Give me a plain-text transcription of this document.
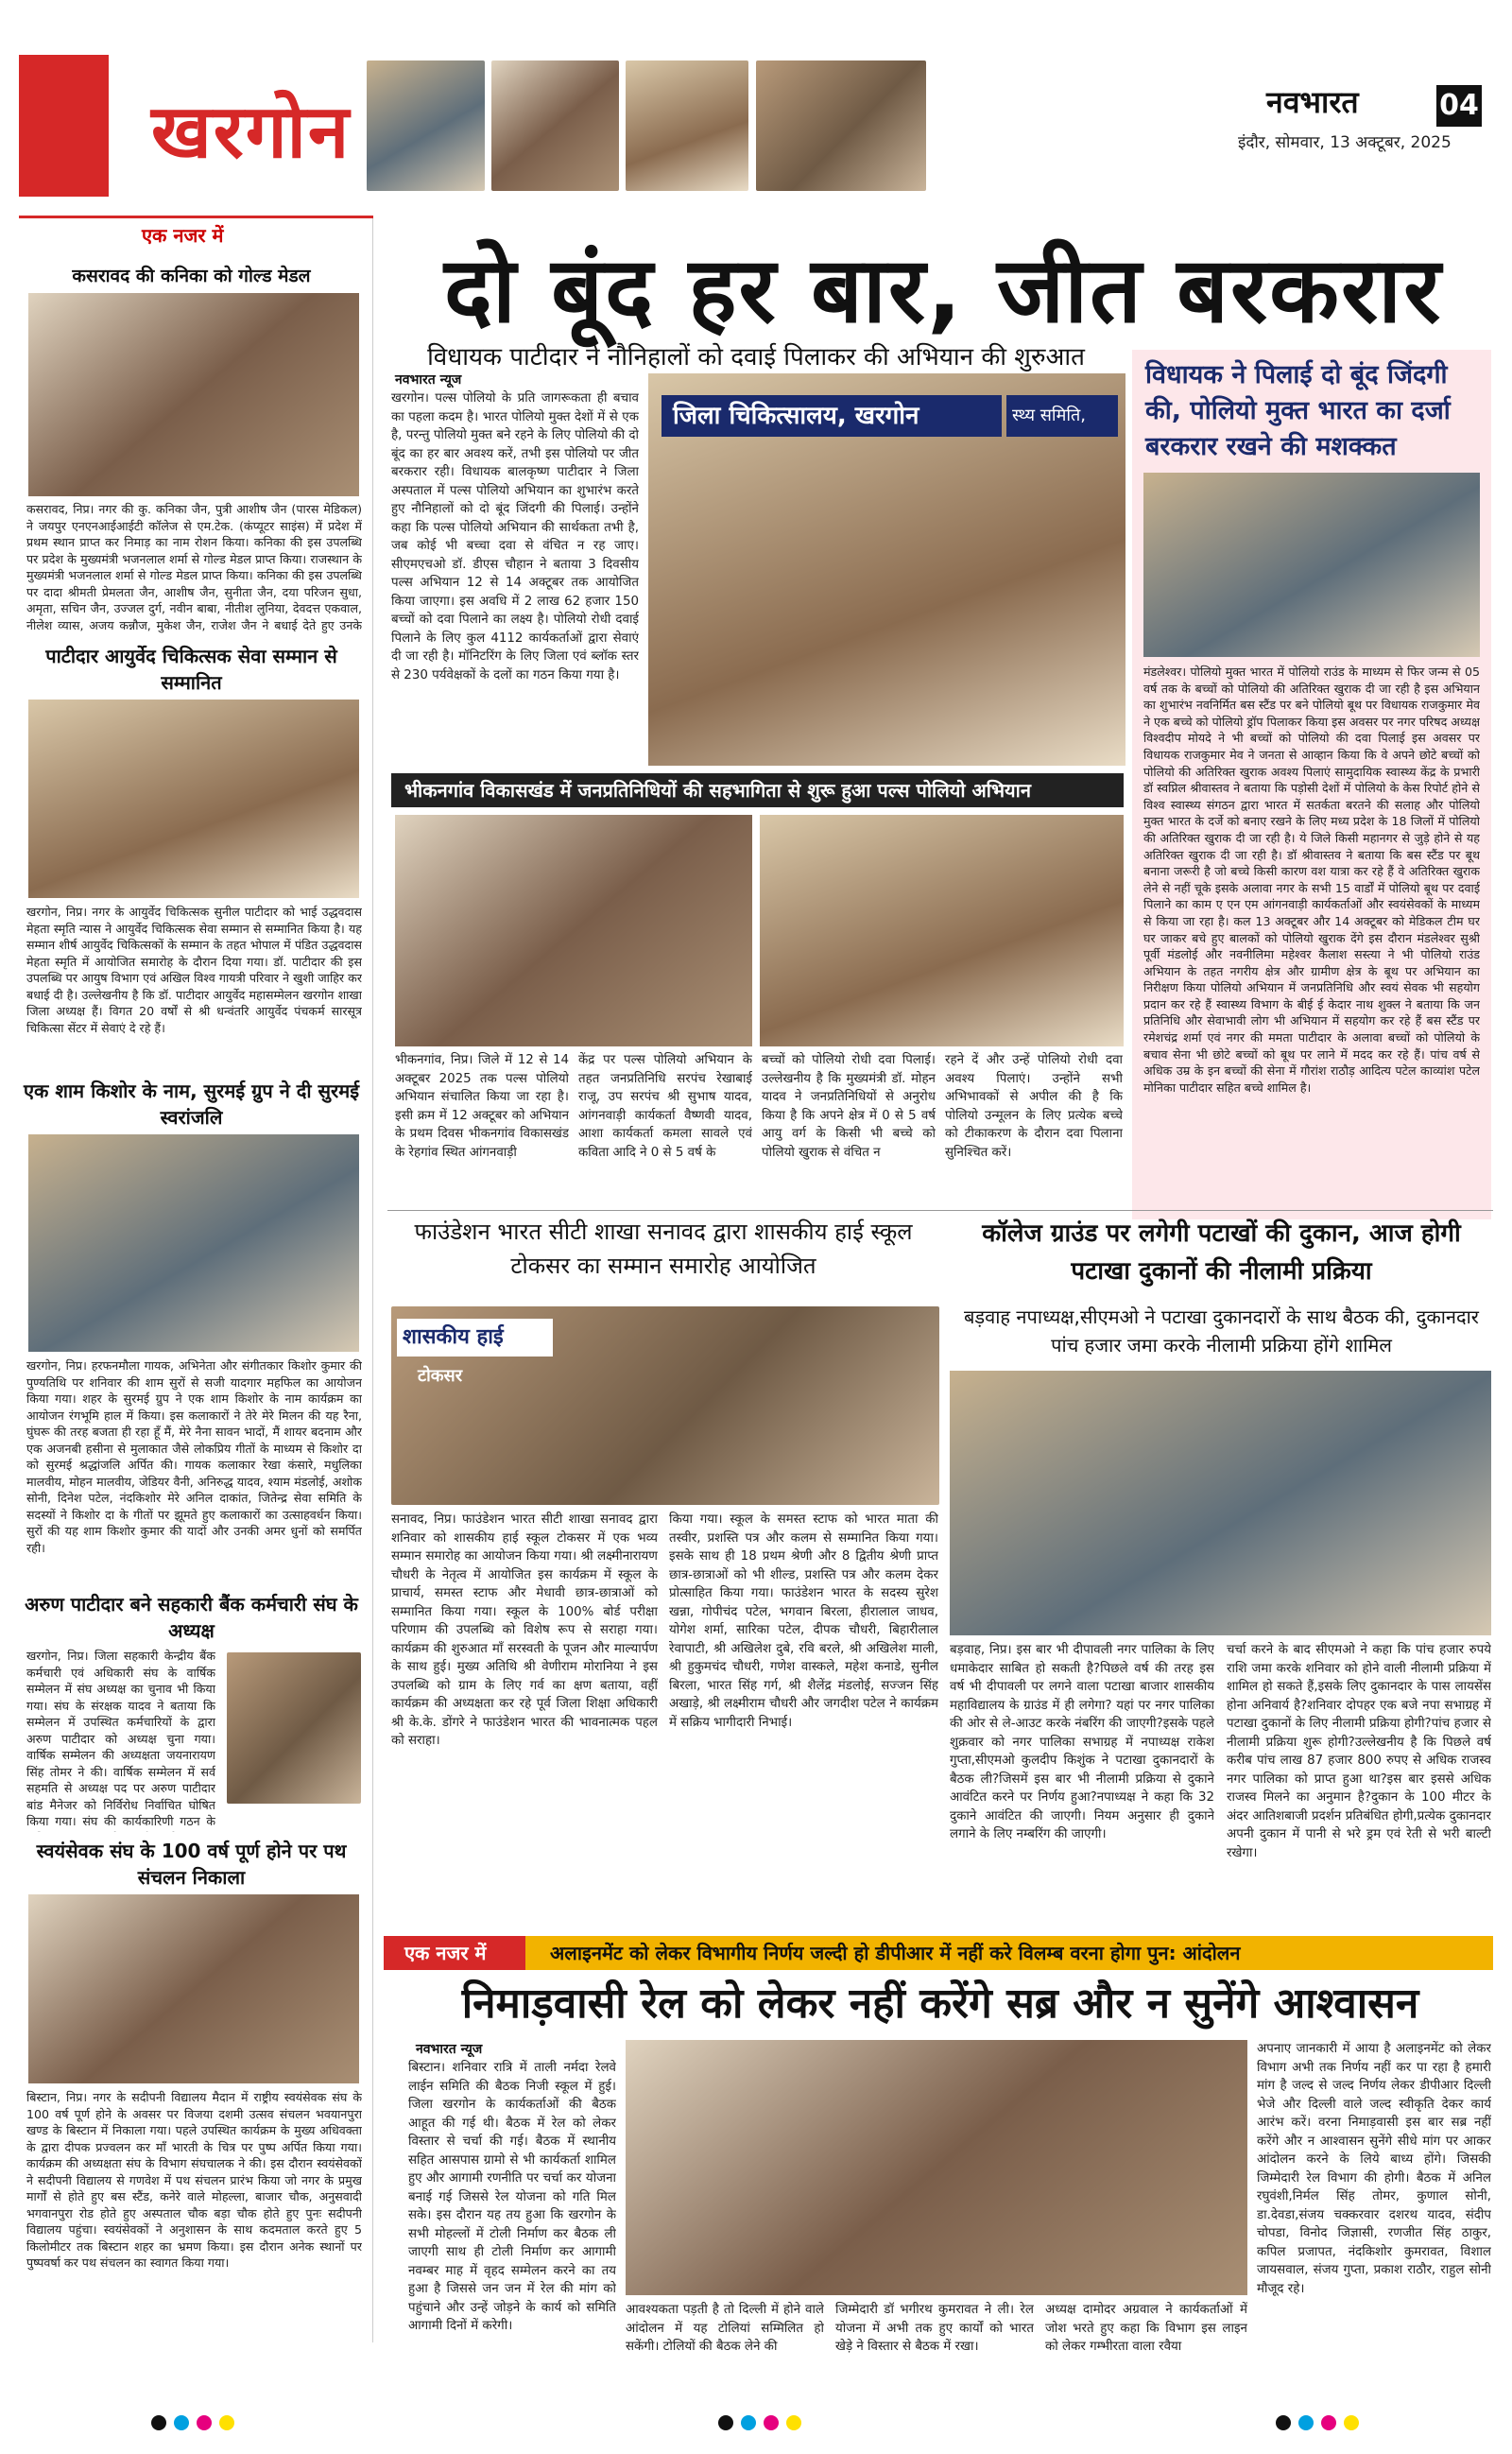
खरगोन	नवभारत	04
इंदौर, सोमवार, 13 अक्टूबर, 2025
एक नजर में
कसरावद की कनिका को गोल्ड मेडल
कसरावद, निप्र। नगर की कु. कनिका जैन, पुत्री आशीष जैन (पारस मेडिकल) ने जयपुर एनएनआईआईटी कॉलेज से एम.टेक. (कंप्यूटर साइंस) में प्रदेश में प्रथम स्थान प्राप्त कर निमाड़ का नाम रोशन किया। कनिका की इस उपलब्धि पर प्रदेश के मुख्यमंत्री भजनलाल शर्मा से गोल्ड मेडल प्राप्त किया। राजस्थान के मुख्यमंत्री भजनलाल शर्मा से गोल्ड मेडल प्राप्त किया। कनिका की इस उपलब्धि पर दादा श्रीमती प्रेमलता जैन, आशीष जैन, सुनीता जैन, दया परिजन सुधा, अमृता, सचिन जैन, उज्जल दुर्ग, नवीन बाबा, नीतीश लुनिया, देवदत्त एकवाल, नीलेश व्यास, अजय कन्नौज, मुकेश जैन, राजेश जैन ने बधाई देते हुए उनके
पाटीदार आयुर्वेद चिकित्सक सेवा सम्मान से सम्मानित
खरगोन, निप्र। नगर के आयुर्वेद चिकित्सक सुनील पाटीदार को भाई उद्धवदास मेहता स्मृति न्यास ने आयुर्वेद चिकित्सक सेवा सम्मान से सम्मानित किया है। यह सम्मान शीर्ष आयुर्वेद चिकित्सकों के सम्मान के तहत भोपाल में पंडित उद्धवदास मेहता स्मृति में आयोजित समारोह के दौरान दिया गया। डॉ. पाटीदार की इस उपलब्धि पर आयुष विभाग एवं अखिल विश्व गायत्री परिवार ने खुशी जाहिर कर बधाई दी है। उल्लेखनीय है कि डॉ. पाटीदार आयुर्वेद महासम्मेलन खरगोन शाखा जिला अध्यक्ष हैं। विगत 20 वर्षों से श्री धन्वंतरि आयुर्वेद पंचकर्म सारसूत्र चिकित्सा सेंटर में सेवाएं दे रहे हैं।
एक शाम किशोर के नाम, सुरमई ग्रुप ने दी सुरमई स्वरांजलि
खरगोन, निप्र। हरफनमौला गायक, अभिनेता और संगीतकार किशोर कुमार की पुण्यतिथि पर शनिवार की शाम सुरों से सजी यादगार महफिल का आयोजन किया गया। शहर के सुरमई ग्रुप ने एक शाम किशोर के नाम कार्यक्रम का आयोजन रंगभूमि हाल में किया। इस कलाकारों ने तेरे मेरे मिलन की यह रैना, घुंघरू की तरह बजता ही रहा हूँ मैं, मेरे नैना सावन भादों, मैं शायर बदनाम और एक अजनबी हसीना से मुलाकात जैसे लोकप्रिय गीतों के माध्यम से किशोर दा को सुरमई श्रद्धांजलि अर्पित की। गायक कलाकार रेखा कंसारे, मधुलिका मालवीय, मोहन मालवीय, जेडियर वैनी, अनिरुद्ध यादव, श्याम मंडलोई, अशोक सोनी, दिनेश पटेल, नंदकिशोर मेरे अनिल दाकांत, जितेन्द्र सेवा समिति के सदस्यों ने किशोर दा के गीतों पर झूमते हुए कलाकारों का उत्साहवर्धन किया। सुरों की यह शाम किशोर कुमार की यादों और उनकी अमर धुनों को समर्पित रही।
अरुण पाटीदार बने सहकारी बैंक कर्मचारी संघ के अध्यक्ष
खरगोन, निप्र। जिला सहकारी केन्द्रीय बैंक कर्मचारी एवं अधिकारी संघ के वार्षिक सम्मेलन में संघ अध्यक्ष का चुनाव भी किया गया। संघ के संरक्षक यादव ने बताया कि सम्मेलन में उपस्थित कर्मचारियों के द्वारा अरुण पाटीदार को अध्यक्ष चुना गया। वार्षिक सम्मेलन की अध्यक्षता जयनारायण सिंह तोमर ने की। वार्षिक सम्मेलन में सर्व सहमति से अध्यक्ष पद पर अरुण पाटीदार बांड मैनेजर को निर्विरोध निर्वाचित घोषित किया गया। संघ की कार्यकारिणी गठन के
स्वयंसेवक संघ के 100 वर्ष पूर्ण होने पर पथ संचलन निकाला
बिस्टान, निप्र। नगर के सदीपनी विद्यालय मैदान में राष्ट्रीय स्वयंसेवक संघ के 100 वर्ष पूर्ण होने के अवसर पर विजया दशमी उत्सव संचलन भवयानपुरा खण्ड के बिस्टान में निकाला गया। पहले उपस्थित कार्यक्रम के मुख्य अधिवक्ता के द्वारा दीपक प्रज्वलन कर माँ भारती के चित्र पर पुष्प अर्पित किया गया। कार्यक्रम की अध्यक्षता संघ के विभाग संघचालक ने की। इस दौरान स्वयंसेवकों ने सदीपनी विद्यालय से गणवेश में पथ संचलन प्रारंभ किया जो नगर के प्रमुख मार्गों से होते हुए बस स्टैंड, कनेरे वाले मोहल्ला, बाजार चौक, अनुसवादी भगवानपुरा रोड होते हुए अस्पताल चौक बड़ा चौक होते हुए पुनः सदीपनी विद्यालय पहुंचा। स्वयंसेवकों ने अनुशासन के साथ कदमताल करते हुए 5 किलोमीटर तक बिस्टान शहर का भ्रमण किया। इस दौरान अनेक स्थानों पर पुष्पवर्षा कर पथ संचलन का स्वागत किया गया।
दो बूंद हर बार, जीत बरकरार
विधायक पाटीदार ने नौनिहालों को दवाई पिलाकर की अभियान की शुरुआत
नवभारत न्यूज
खरगोन। पल्स पोलियो के प्रति जागरूकता ही बचाव का पहला कदम है। भारत पोलियो मुक्त देशों में से एक है, परन्तु पोलियो मुक्त बने रहने के लिए पोलियो की दो बूंद का हर बार अवश्य करें, तभी इस पोलियो पर जीत बरकरार रही। विधायक बालकृष्ण पाटीदार ने जिला अस्पताल में पल्स पोलियो अभियान का शुभारंभ करते हुए नौनिहालों को दो बूंद जिंदगी की पिलाई। उन्होंने कहा कि पल्स पोलियो अभियान की सार्थकता तभी है, जब कोई भी बच्चा दवा से वंचित न रह जाए। सीएमएचओ डॉ. डीएस चौहान ने बताया 3 दिवसीय पल्स अभियान 12 से 14 अक्टूबर तक आयोजित किया जाएगा। इस अवधि में 2 लाख 62 हजार 150 बच्चों को दवा पिलाने का लक्ष्य है। पोलियो रोधी दवाई पिलाने के लिए कुल 4112 कार्यकर्ताओं द्वारा सेवाएं दी जा रही है। मॉनिटरिंग के लिए जिला एवं ब्लॉक स्तर से 230 पर्यवेक्षकों के दलों का गठन किया गया है।
जिला चिकित्सालय, खरगोन	स्थ्य समिति,
विधायक ने पिलाई दो बूंद जिंदगी की, पोलियो मुक्त भारत का दर्जा बरकरार रखने की मशक्कत
मंडलेश्वर। पोलियो मुक्त भारत में पोलियो राउंड के माध्यम से फिर जन्म से 05 वर्ष तक के बच्चों को पोलियो की अतिरिक्त खुराक दी जा रही है इस अभियान का शुभारंभ नवनिर्मित बस स्टैंड पर बने पोलियो बूथ पर विधायक राजकुमार मेव ने एक बच्चे को पोलियो ड्रॉप पिलाकर किया इस अवसर पर नगर परिषद अध्यक्ष विश्वदीप मोयदे ने भी बच्चों को पोलियो की दवा पिलाई इस अवसर पर विधायक राजकुमार मेव ने जनता से आव्हान किया कि वे अपने छोटे बच्चों को पोलियो की अतिरिक्त खुराक अवश्य पिलाएं सामुदायिक स्वास्थ्य केंद्र के प्रभारी डॉ स्वप्निल श्रीवास्तव ने बताया कि पड़ोसी देशों में पोलियो के केस रिपोर्ट होने से विश्व स्वास्थ्य संगठन द्वारा भारत में सतर्कता बरतने की सलाह और पोलियो मुक्त भारत के दर्जे को बनाए रखने के लिए मध्य प्रदेश के 18 जिलों में पोलियो की अतिरिक्त खुराक दी जा रही है। ये जिले किसी महानगर से जुड़े होने से यह अतिरिक्त खुराक दी जा रही है। डॉ श्रीवास्तव ने बताया कि बस स्टैंड पर बूथ बनाना जरूरी है जो बच्चे किसी कारण वश यात्रा कर रहे हैं वे अतिरिक्त खुराक लेने से नहीं चूके इसके अलावा नगर के सभी 15 वार्डों में पोलियो बूथ पर दवाई पिलाने का काम ए एन एम आंगनवाड़ी कार्यकर्ताओं और स्वयंसेवकों के माध्यम से किया जा रहा है। कल 13 अक्टूबर और 14 अक्टूबर को मेडिकल टीम घर घर जाकर बचे हुए बालकों को पोलियो खुराक देंगे इस दौरान मंडलेश्वर सुश्री पूर्वी मंडलोई और नवनीलिमा महेश्वर कैलाश सस्त्या ने भी पोलियो राउंड अभियान के तहत नगरीय क्षेत्र और ग्रामीण क्षेत्र के बूथ पर अभियान का निरीक्षण किया पोलियो अभियान में जनप्रतिनिधि और स्वयं सेवक भी सहयोग प्रदान कर रहे हैं स्वास्थ्य विभाग के बीई ई केदार नाथ शुक्ल ने बताया कि जन प्रतिनिधि और सेवाभावी लोग भी अभियान में सहयोग कर रहे हैं बस स्टैंड पर रमेशचंद्र शर्मा एवं नगर की ममता पाटीदार के अलावा बच्चों को पोलियो के बचाव सेना भी छोटे बच्चों को बूथ पर लाने में मदद कर रहे हैं। पांच वर्ष से अधिक उम्र के इन बच्चों की सेना में गौरांश राठौड़ आदित्य पटेल काव्यांश पटेल मोनिका पाटीदार सहित बच्चे शामिल है।
भीकनगांव विकासखंड में जनप्रतिनिधियों की सहभागिता से शुरू हुआ पल्स पोलियो अभियान
भीकनगांव, निप्र। जिले में 12 से 14 अक्टूबर 2025 तक पल्स पोलियो अभियान संचालित किया जा रहा है। इसी क्रम में 12 अक्टूबर को अभियान के प्रथम दिवस भीकनगांव विकासखंड के रेहगांव स्थित आंगनवाड़ी
केंद्र पर पल्स पोलियो अभियान के तहत जनप्रतिनिधि सरपंच रेखाबाई राजू, उप सरपंच श्री सुभाष यादव, आंगनवाड़ी कार्यकर्ता वैष्णवी यादव, आशा कार्यकर्ता कमला सावले एवं कविता आदि ने 0 से 5 वर्ष के
बच्चों को पोलियो रोधी दवा पिलाई। उल्लेखनीय है कि मुख्यमंत्री डॉ. मोहन यादव ने जनप्रतिनिधियों से अनुरोध किया है कि अपने क्षेत्र में 0 से 5 वर्ष आयु वर्ग के किसी भी बच्चे को पोलियो खुराक से वंचित न
रहने दें और उन्हें पोलियो रोधी दवा अवश्य पिलाएं। उन्होंने सभी अभिभावकों से अपील की है कि पोलियो उन्मूलन के लिए प्रत्येक बच्चे को टीकाकरण के दौरान दवा पिलाना सुनिश्चित करें।
फाउंडेशन भारत सीटी शाखा सनावद द्वारा शासकीय हाई स्कूल टोकसर का सम्मान समारोह आयोजित
शासकीय हाई
टोकसर
सनावद, निप्र। फाउंडेशन भारत सीटी शाखा सनावद द्वारा शनिवार को शासकीय हाई स्कूल टोकसर में एक भव्य सम्मान समारोह का आयोजन किया गया। श्री लक्ष्मीनारायण चौधरी के नेतृत्व में आयोजित इस कार्यक्रम में स्कूल के प्राचार्य, समस्त स्टाफ और मेधावी छात्र-छात्राओं को सम्मानित किया गया। स्कूल के 100% बोर्ड परीक्षा परिणाम की उपलब्धि को विशेष रूप से सराहा गया। कार्यक्रम की शुरुआत माँ सरस्वती के पूजन और माल्यार्पण के साथ हुई। मुख्य अतिथि श्री वेणीराम मोरानिया ने इस उपलब्धि को ग्राम के लिए गर्व का क्षण बताया, वहीं कार्यक्रम की अध्यक्षता कर रहे पूर्व जिला शिक्षा अधिकारी श्री के.के. डोंगरे ने फाउंडेशन भारत की भावनात्मक पहल को सराहा।
किया गया। स्कूल के समस्त स्टाफ को भारत माता की तस्वीर, प्रशस्ति पत्र और कलम से सम्मानित किया गया। इसके साथ ही 18 प्रथम श्रेणी और 8 द्वितीय श्रेणी प्राप्त छात्र-छात्राओं को भी शील्ड, प्रशस्ति पत्र और कलम देकर प्रोत्साहित किया गया। फाउंडेशन भारत के सदस्य सुरेश खन्ना, गोपीचंद पटेल, भगवान बिरला, हीरालाल जाधव, योगेश शर्मा, सारिका पटेल, दीपक चौधरी, बिहारीलाल रेवापाटी, श्री अखिलेश दुबे, रवि बरले, श्री अखिलेश माली, श्री हुकुमचंद चौधरी, गणेश वास्कले, महेश कनाडे, सुनील बिरला, भारत सिंह गर्ग, श्री शैलेंद्र मंडलोई, सज्जन सिंह अखाड़े, श्री लक्ष्मीराम चौधरी और जगदीश पटेल ने कार्यक्रम में सक्रिय भागीदारी निभाई।
कॉलेज ग्राउंड पर लगेगी पटाखों की दुकान, आज होगी पटाखा दुकानों की नीलामी प्रक्रिया
बड़वाह नपाध्यक्ष,सीएमओ ने पटाखा दुकानदारों के साथ बैठक की, दुकानदार पांच हजार जमा करके नीलामी प्रक्रिया होंगे शामिल
बड़वाह, निप्र। इस बार भी दीपावली नगर पालिका के लिए धमाकेदार साबित हो सकती है?पिछले वर्ष की तरह इस वर्ष भी दीपावली पर लगने वाला पटाखा बाजार शासकीय महाविद्यालय के ग्राउंड में ही लगेगा? यहां पर नगर पालिका की ओर से ले-आउट करके नंबरिंग की जाएगी?इसके पहले शुक्रवार को नगर पालिका सभाग्रह में नपाध्यक्ष राकेश गुप्ता,सीएमओ कुलदीप किशुंक ने पटाखा दुकानदारों के बैठक ली?जिसमें इस बार भी नीलामी प्रक्रिया से दुकाने आवंटित करने पर निर्णय हुआ?नपाध्यक्ष ने कहा कि 32 दुकाने आवंटित की जाएगी। नियम अनुसार ही दुकाने लगाने के लिए नम्बरिंग की जाएगी।
चर्चा करने के बाद सीएमओ ने कहा कि पांच हजार रुपये राशि जमा करके शनिवार को होने वाली नीलामी प्रक्रिया में शामिल हो सकते हैं,इसके लिए दुकानदार के पास लायसेंस होना अनिवार्य है?शनिवार दोपहर एक बजे नपा सभाग्रह में पटाखा दुकानों के लिए नीलामी प्रक्रिया होगी?पांच हजार से नीलामी प्रक्रिया शुरू होगी?उल्लेखनीय है कि पिछले वर्ष करीब पांच लाख 87 हजार 800 रुपए से अधिक राजस्व नगर पालिका को प्राप्त हुआ था?इस बार इससे अधिक राजस्व मिलने का अनुमान है?दुकान के 100 मीटर के अंदर आतिशबाजी प्रदर्शन प्रतिबंधित होगी,प्रत्येक दुकानदार अपनी दुकान में पानी से भरे ड्रम एवं रेती से भरी बाल्टी रखेगा।
एक नजर में	अलाइनमेंट को लेकर विभागीय निर्णय जल्दी हो डीपीआर में नहीं करे विलम्ब वरना होगा पुन: आंदोलन
निमाड़वासी रेल को लेकर नहीं करेंगे सब्र और न सुनेंगे आश्वासन
नवभारत न्यूज
बिस्टान। शनिवार रात्रि में ताली नर्मदा रेलवे लाईन समिति की बैठक निजी स्कूल में हुई। जिला खरगोन के कार्यकर्ताओं की बैठक आहूत की गई थी। बैठक में रेल को लेकर विस्तार से चर्चा की गई। बैठक में स्थानीय सहित आसपास ग्रामो से भी कार्यकर्ता शामिल हुए और आगामी रणनीति पर चर्चा कर योजना बनाई गई जिससे रेल योजना को गति मिल सके। इस दौरान यह तय हुआ कि खरगोन के सभी मोहल्लों में टोली निर्माण कर बैठक ली जाएगी साथ ही टोली निर्माण कर आगामी नवम्बर माह में वृहद सम्मेलन करने का तय हुआ है जिससे जन जन में रेल की मांग को पहुंचाने और उन्हें जोड़ने के कार्य को समिति आगामी दिनों में करेगी।
आवश्यकता पड़ती है तो दिल्ली में होने वाले आंदोलन में यह टोलियां सम्मिलित हो सकेंगी। टोलियों की बैठक लेने की
जिम्मेदारी डॉ भगीरथ कुमरावत ने ली। रेल योजना में अभी तक हुए कार्यों को भारत खेड़े ने विस्तार से बैठक में रखा।
अध्यक्ष दामोदर अग्रवाल ने कार्यकर्ताओं में जोश भरते हुए कहा कि विभाग इस लाइन को लेकर गम्भीरता वाला रवैया
अपनाए जानकारी में आया है अलाइनमेंट को लेकर विभाग अभी तक निर्णय नहीं कर पा रहा है हमारी मांग है जल्द से जल्द निर्णय लेकर डीपीआर दिल्ली भेजे और दिल्ली वाले जल्द स्वीकृति देकर कार्य आरंभ करें। वरना निमाड़वासी इस बार सब्र नहीं करेंगे और न आश्वासन सुनेंगे सीधे मांग पर आकर आंदोलन करने के लिये बाध्य होंगे। जिसकी जिम्मेदारी रेल विभाग की होगी। बैठक में अनिल रघुवंशी,निर्मल सिंह तोमर, कुणाल सोनी, डा.देवडा,संजय चक्करवार दशरथ यादव, संदीप चोपडा, विनोद जिज्ञासी, रणजीत सिंह ठाकुर, कपिल प्रजापत, नंदकिशोर कुमरावत, विशाल जायसवाल, संजय गुप्ता, प्रकाश राठौर, राहुल सोनी मौजूद रहे।
